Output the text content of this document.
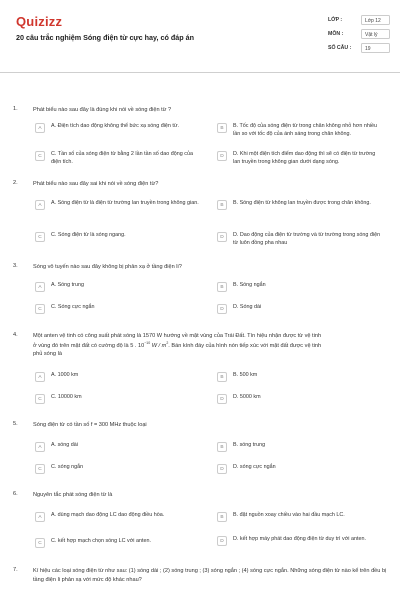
Quizizz
20 câu trắc nghiệm Sóng điện từ cực hay, có đáp án
LỚP :	Lớp 12
MÔN :	Vật lý
SỐ CÂU :	19
1.	Phát biểu nào sau đây là đúng khi nói về sóng điện từ ?
A	A. Điện tích dao động không thể bức xạ sóng điện từ.	B	B. Tốc độ của sóng điện từ trong chân không nhỏ hơn nhiều lần so với tốc độ của ánh sáng trong chân không.
C	C. Tần số của sóng điện từ bằng 2 lần tần số dao động của điện tích.
D	D. Khi một điện tích điểm dao động thì sẽ có điện từ trường lan truyền trong không gian dưới dạng sóng.
2.	Phát biểu nào sau đây sai khi nói về sóng điện từ?
A	A. Sóng điện từ là điện từ trường lan truyền trong không gian.	B	B. Sóng điện từ không lan truyền được trong chân không.
C	C. Sóng điện từ là sóng ngang.	D	D. Dao động của điện từ trường và từ trường trong sóng điện từ luôn đồng pha nhau
3.	Sóng vô tuyến nào sau đây không bị phản xạ ở tầng điện li?
A	A. Sóng trung	B	B. Sóng ngắn
C	C. Sóng cực ngắn	D	D. Sóng dài
4.	Một anten vệ tinh có công suất phát sóng là 1570 W hướng về mặt vùng của Trái Đất. Tín hiệu nhận được từ vệ tinh
ở vùng đó trên mặt đất có cường độ là 5 . $10^{-10}$ W / $m^2$. Bán kính đáy của hình nón tiếp xúc với mặt đất được vệ tinh
phủ sóng là
A	A. 1000 km	B	B. 500 km
C	C. 10000 km	D	D. 5000 km
5.	Sóng điện từ có tần số f = 300 MHz thuộc loại
A	A. sóng dài	B	B. sóng trung
C	C. sóng ngắn	D	D. sóng cực ngắn
6.	Nguyên tắc phát sóng điện từ là
A	A. dùng mạch dao động LC dao động điều hòa.	B	B. đặt nguồn xoay chiều vào hai đầu mạch LC.
C	C. kết hợp mạch chọn sóng LC với anten.	D	D. kết hợp máy phát dao động điện từ duy trì với anten.
7.	Kí hiệu các loại sóng điện từ như sau: (1) sóng dài ; (2) sóng trung ; (3) sóng ngắn ; (4) sóng cực ngắn. Những sóng điện từ nào kể trên đều bị tầng điện li phản xạ với mức độ khác nhau?
